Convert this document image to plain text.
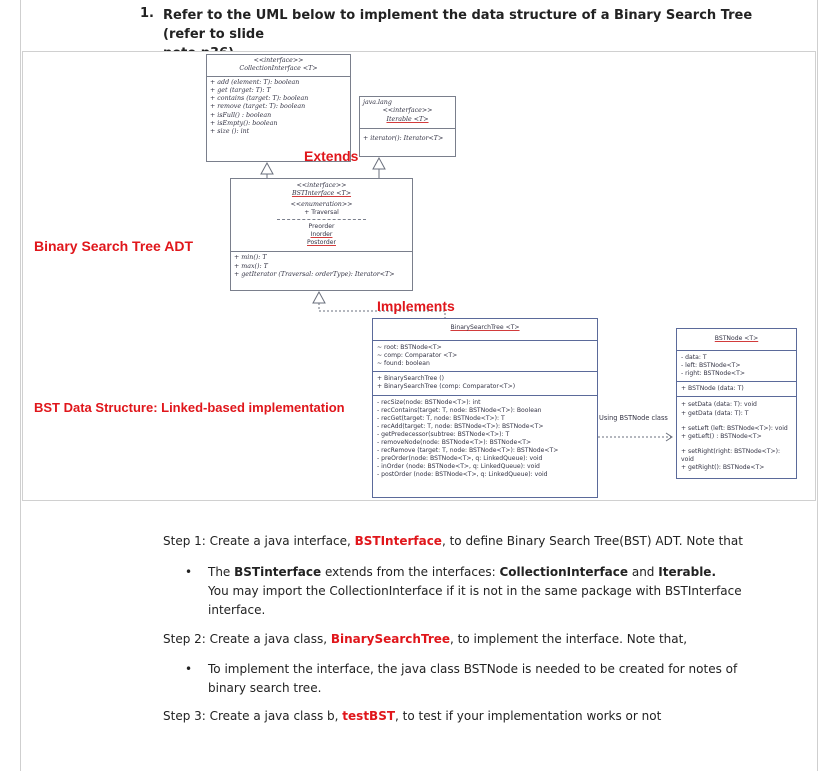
1. Refer to the UML below to implement the data structure of a Binary Search Tree (refer to slide
<<interface>>
CollectionInterface <T>
+ add (element: T): boolean
+ get (target: T): T
+ contains (target: T): boolean
+ remove (target: T): boolean
+ isFull() : boolean
+ isEmpty(): boolean
+ size (): int
java.lang
<<interface>>
Iterable <T>
+ iterator(): Iterator<T>
Extends
<<interface>>
BSTInterface <T>
<<enumeration>>
+ Traversal
Preorder
Inorder
Postorder
+ min(): T
+ max(): T
+ getIterator (Traversal: orderType): Iterator<T>
Binary Search Tree ADT
Implements
BinarySearchTree <T>
~ root: BSTNode<T>
~ comp: Comparator <T>
~ found: boolean
+ BinarySearchTree ()
+ BinarySearchTree (comp: Comparator<T>)
- recSize(node: BSTNode<T>): int
- recContains(target: T, node: BSTNode<T>): Boolean
- recGet(target: T, node: BSTNode<T>): T
- recAdd(target: T, node: BSTNode<T>): BSTNode<T>
- getPredecessor(subtree: BSTNode<T>): T
- removeNode(node: BSTNode<T>): BSTNode<T>
- recRemove (target: T, node: BSTNode<T>): BSTNode<T>
- preOrder(node: BSTNode<T>, q: LinkedQueue): void
- inOrder (node: BSTNode<T>, q: LinkedQueue): void
- postOrder (node: BSTNode<T>, q: LinkedQueue): void
BST Data Structure: Linked-based implementation
Using BSTNode class
BSTNode <T>
- data: T
- left: BSTNode<T>
- right: BSTNode<T>
+ BSTNode (data: T)
+ setData (data: T): void
+ getData (data: T): T
+ setLeft (left: BSTNode<T>): void
+ getLeft() : BSTNode<T>
+ setRight(right: BSTNode<T>): void
+ getRight(): BSTNode<T>
Step 1: Create a java interface, BSTInterface, to define Binary Search Tree(BST) ADT. Note that
• The BSTinterface extends from the interfaces: CollectionInterface and Iterable.
You may import the CollectionInterface if it is not in the same package with BSTInterface
interface.
Step 2: Create a java class, BinarySearchTree, to implement the interface. Note that,
• To implement the interface, the java class BSTNode is needed to be created for notes of
binary search tree.
Step 3: Create a java class b, testBST, to test if your implementation works or not
